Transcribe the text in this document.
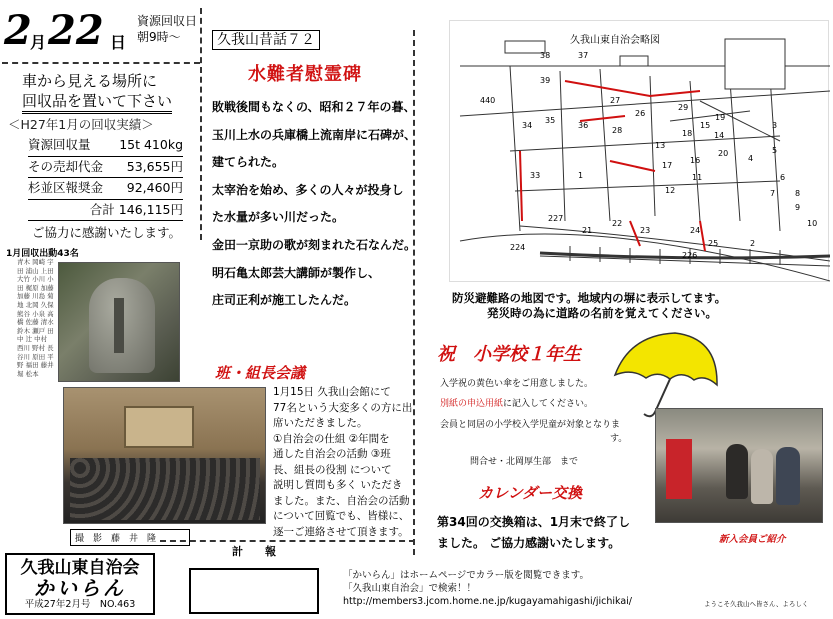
2
月 22 日
資源回収日
朝9時～
車から見える場所に
回収品を置いて下さい
＜H27年1月の回収実績＞
資源回収量 15t 410kg
その売却代金 53,655円
杉並区報奨金 92,460円
合計 146,115円
ご協力に感謝いたします。
1月回収出動43名
青木 岡崎 宇田 浦山 上田 大竹 小川 小田 梶原 加藤 加藤 川島 菊地 北岡 久保 熊谷 小泉 高橋 佐藤 清水 鈴木 瀬戸 田中 辻 中村 西川 野村 長谷川 原田 平野 福田 藤井 堀 松本
撮　影　藤　井　隆
久我山東自治会
かいらん
平成27年2月号　NO.463
久我山昔話７２
水難者慰霊碑
敗戦後間もなくの、昭和２７年の暮、
玉川上水の兵庫橋上流南岸に石碑が、
建てられた。
太宰治を始め、多くの人々が投身し
た水量が多い川だった。
金田一京助の歌が刻まれた石なんだ。
明石亀太郎芸大講師が製作し、
庄司正利が施工したんだ。
班・組長会議
1月15日 久我山会館にて
77名という大変多くの方に出
席いただきました。
①自治会の仕組 ②年間を
通した自治会の活動 ③班
長、組長の役割 について
説明し質問も多く いただき
ました。また、自治会の活動
について回覧でも、皆様に、
逐一ご連絡させて頂きます。
計　　報
久我山東自治会略図
38	37
39
34
35
36
33	1
27
28
26
29
18
13
17
16
15
12
14
19
20
11
3
5
4
6
7 8
9
10
22
21	23	24
25	2
226
227
224
440
防災避難路の地図です。地域内の塀に表示してます。
発災時の為に道路の名前を覚えてください。
祝　小学校１年生
入学祝の黄色い傘をご用意しました。
別紙の申込用紙に記入してください。
会員と同居の小学校入学児童が対象となりま
す。
問合せ・北岡厚生部　まで
カレンダー交換
第34回の交換箱は、1月末で終了し
ました。 ご協力感謝いたします。	新入会員ご紹介
「かいらん」はホームページでカラー版を閲覧できます。
「久我山東自治会」で検索！！
http://members3.jcom.home.ne.jp/kugayamahigashi/jichikai/	ようこそ久我山へ皆さん、よろしく
